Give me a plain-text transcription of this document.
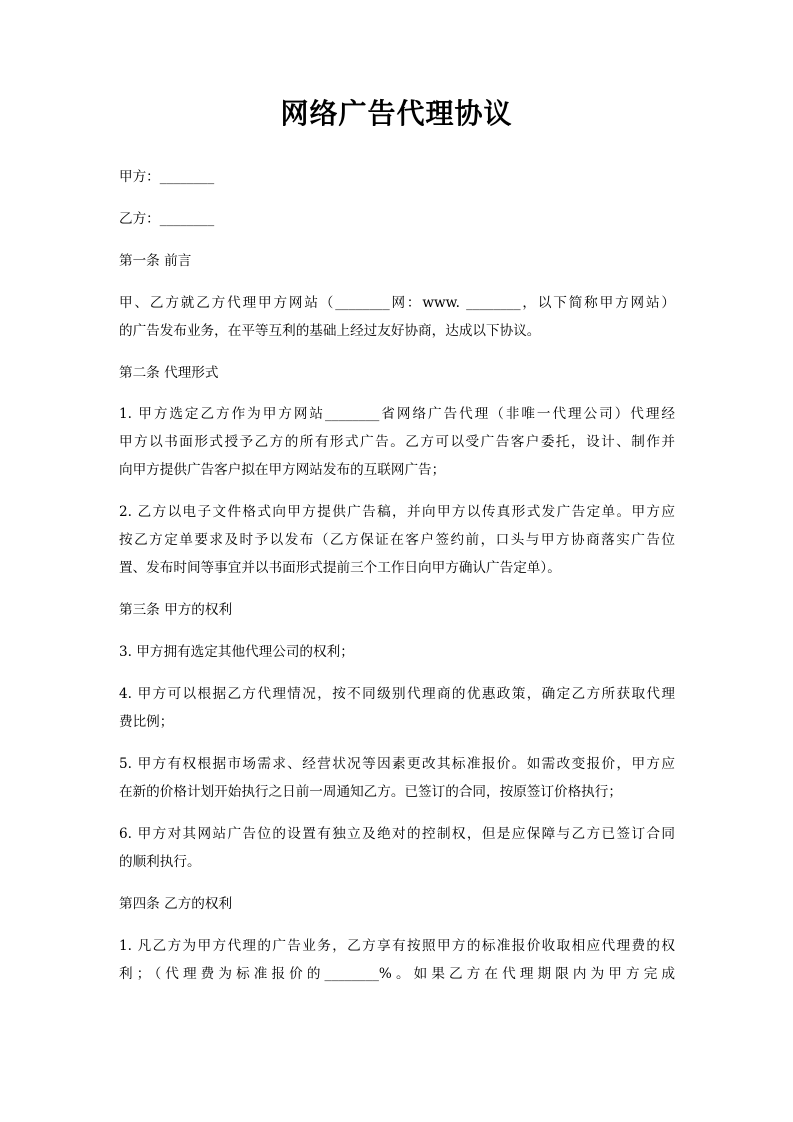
网络广告代理协议
甲方：________
乙方：________
第一条 前言
甲、乙方就乙方代理甲方网站（________网：www. ________，以下简称甲方网站）
的广告发布业务，在平等互利的基础上经过友好协商，达成以下协议。
第二条 代理形式
1. 甲方选定乙方作为甲方网站________省网络广告代理（非唯一代理公司）代理经
甲方以书面形式授予乙方的所有形式广告。乙方可以受广告客户委托，设计、制作并
向甲方提供广告客户拟在甲方网站发布的互联网广告；
2. 乙方以电子文件格式向甲方提供广告稿，并向甲方以传真形式发广告定单。甲方应
按乙方定单要求及时予以发布（乙方保证在客户签约前，口头与甲方协商落实广告位
置、发布时间等事宜并以书面形式提前三个工作日向甲方确认广告定单）。
第三条 甲方的权利
3. 甲方拥有选定其他代理公司的权利；
4. 甲方可以根据乙方代理情况，按不同级别代理商的优惠政策，确定乙方所获取代理
费比例；
5. 甲方有权根据市场需求、经营状况等因素更改其标准报价。如需改变报价，甲方应
在新的价格计划开始执行之日前一周通知乙方。已签订的合同，按原签订价格执行；
6. 甲方对其网站广告位的设置有独立及绝对的控制权，但是应保障与乙方已签订合同
的顺利执行。
第四条 乙方的权利
1. 凡乙方为甲方代理的广告业务，乙方享有按照甲方的标准报价收取相应代理费的权
利；（代理费为标准报价的________%。如果乙方在代理期限内为甲方完成
